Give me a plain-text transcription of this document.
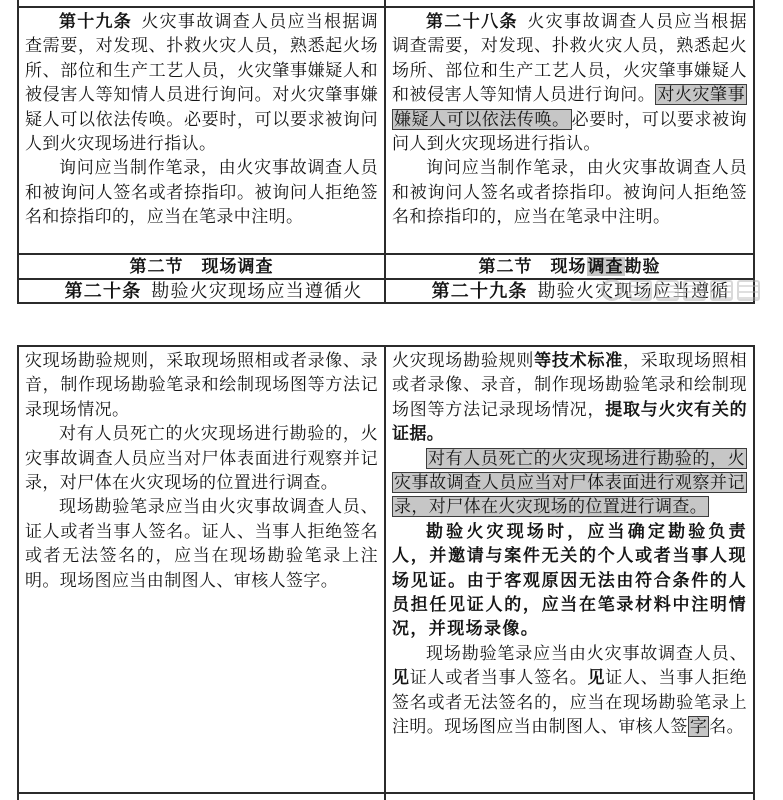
第十九条 火灾事故调查人员应当根据调查需要，对发现、扑救火灾人员，熟悉起火场所、部位和生产工艺人员，火灾肇事嫌疑人和被侵害人等知情人员进行询问。对火灾肇事嫌疑人可以依法传唤。必要时，可以要求被询问人到火灾现场进行指认。

询问应当制作笔录，由火灾事故调查人员和被询问人签名或者捺指印。被询问人拒绝签名和捺指印的，应当在笔录中注明。

第二十八条 火灾事故调查人员应当根据调查需要，对发现、扑救火灾人员，熟悉起火场所、部位和生产工艺人员，火灾肇事嫌疑人和被侵害人等知情人员进行询问。 对火灾肇事嫌疑人可以依法传唤。 必要时，可以要求被询问人到火灾现场进行指认。

询问应当制作笔录，由火灾事故调查人员和被询问人签名或者捺指印。被询问人拒绝签名和捺指印的，应当在笔录中注明。

第二节　现场调查	第二节　现场调查勘验
第二十条 勘验火灾现场应当遵循火	第二十九条 勘验火灾现场应当遵循

灾现场勘验规则，采取现场照相或者录像、录音，制作现场勘验笔录和绘制现场图等方法记录现场情况。

对有人员死亡的火灾现场进行勘验的，火灾事故调查人员应当对尸体表面进行观察并记录，对尸体在火灾现场的位置进行调查。

现场勘验笔录应当由火灾事故调查人员、证人或者当事人签名。证人、当事人拒绝签名或者无法签名的，应当在现场勘验笔录上注明。现场图应当由制图人、审核人签字。

火灾现场勘验规则等技术标准，采取现场照相或者录像、录音，制作现场勘验笔录和绘制现场图等方法记录现场情况，提取与火灾有关的证据。

对有人员死亡的火灾现场进行勘验的，火灾事故调查人员应当对尸体表面进行观察并记录，对尸体在火灾现场的位置进行调查。

勘验火灾现场时，应当确定勘验负责人，并邀请与案件无关的个人或者当事人现场见证。由于客观原因无法由符合条件的人员担任见证人的，应当在笔录材料中注明情况，并现场录像。

现场勘验笔录应当由火灾事故调查人员、见证人或者当事人签名。见证人、当事人拒绝签名或者无法签名的，应当在现场勘验笔录上注明。现场图应当由制图人、审核人签 字 名。
